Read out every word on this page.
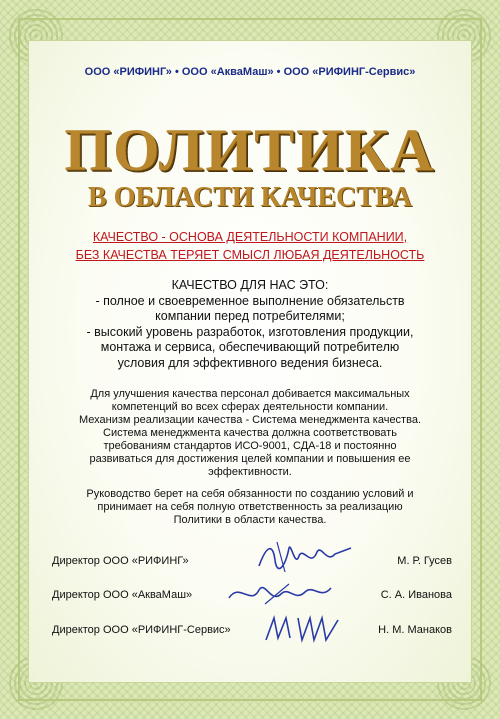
ООО «РИФИНГ» • ООО «АкваМаш» • ООО «РИФИНГ-Сервис»
ПОЛИТИКА
В ОБЛАСТИ КАЧЕСТВА
КАЧЕСТВО - ОСНОВА ДЕЯТЕЛЬНОСТИ КОМПАНИИ,
БЕЗ КАЧЕСТВА ТЕРЯЕТ СМЫСЛ ЛЮБАЯ ДЕЯТЕЛЬНОСТЬ
КАЧЕСТВО ДЛЯ НАС ЭТО:
- полное и своевременное выполнение обязательств
компании перед потребителями;
- высокий уровень разработок, изготовления продукции,
монтажа и сервиса, обеспечивающий потребителю
условия для эффективного ведения бизнеса.
Для улучшения качества персонал добивается максимальных
компетенций во всех сферах деятельности компании.
Механизм реализации качества - Система менеджмента качества.
Система менеджмента качества должна соответствовать
требованиям стандартов ИСО-9001, СДА-18 и постоянно
развиваться для достижения целей компании и повышения ее
эффективности.
Руководство берет на себя обязанности по созданию условий и
принимает на себя полную ответственность за реализацию
Политики в области качества.
Директор ООО «РИФИНГ»	М. Р. Гусев
Директор ООО «АкваМаш»	С. А. Иванова
Директор ООО «РИФИНГ-Сервис»	Н. М. Манаков
